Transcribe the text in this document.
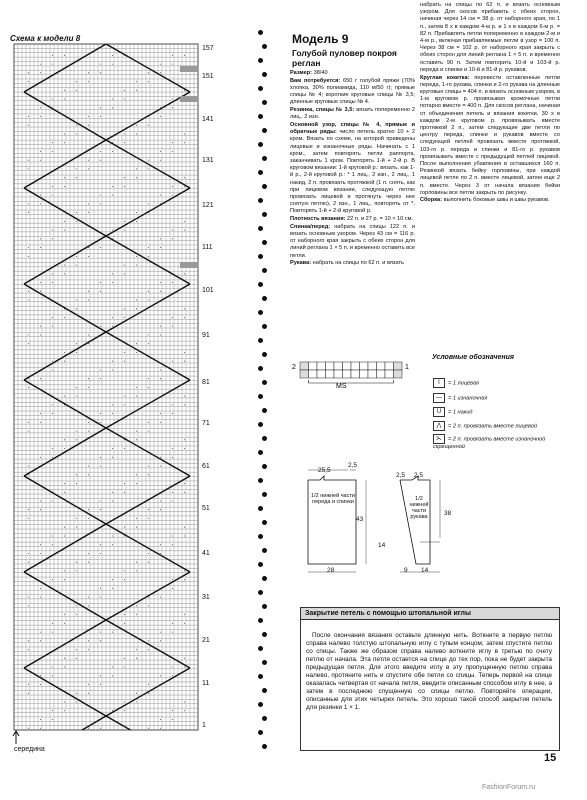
Схема к модели 8
157
151
141
131
121
111
101
91
81
71
61
51
41
31
21
11
1
середина
Модель 9
Голубой пуловер покроя реглан

Размер: 38/40

Вам потребуется: 650 г голубой пряжи (70% хлопка, 30% полиамида, 110 м/50 г); прямые спицы № 4; короткие круговые спицы № 3,5; длинные круговые спицы № 4.

Резинка, спицы № 3,5: вязать попеременно 2 лиц., 2 изн.

Основной узор, спицы № 4, прямые и обратные ряды: число петель кратно 10 + 2 кром. Вязать по схеме, на которой приведены лицевые и изнаночные ряды. Начинать с 1 кром., затем повторять петли раппорта, заканчивать 1 кром. Повторять 1-й + 2-й р. В круговом вязании: 1-й круговой р.: вязать, как 1-й р., 2-й круговой р.: * 1 лиц., 2 изн., 2 лиц., 1 накид, 2 п. провязать протяжкой (1 п. снять, как при лицевом вязании, следующую петлю провязать лицевой и протянуть через нее снятую петлю), 2 изн., 1 лиц., повторять от *. Повторять 1-й + 2-й круговой р.

Плотность вязания: 22 п. и 27 р. = 10 × 10 см.

Спинка/перед: набрать на спицы 122 п. и вязать основным узором. Через 43 см = 116 р. от наборного края закрыть с обеих сторон для линий реглана 1 × 5 п. и временно оставить все петли.

Рукава: набрать на спицы по 62 п. и вязать

набрать на спицы по 62 п. и вязать основным узором. Для скосов прибавить с обеих сторон, начиная через 14 см = 38 р. от наборного края, по 1 п., затем 8 х в каждом 4-м р. и 1 х в каждом 6-м р. = 82 п. Прибавлять петли попеременно в каждом 2-м и 4-м р., включая прибавляемые петли в узор = 100 п. Через 38 см = 102 р. от наборного края закрыть с обеих сторон для линий реглана 1 × 5 п. и временно оставить 90 п. Затем повторить 10-й и 103-й р. переда и спинки и 10-й и 81-й р. рукавов.

Круглая кокетка: перевести оставленные петли переда, 1-го рукава, спинки и 2-го рукава на длинные круговые спицы = 404 п. и вязать основным узором, в 1-м круговом р. провязывая кромочные петли потарно вместе = 400 п. Для скосов реглана, начиная от объединения петель и вязания кокетки, 30 х в каждом 2-м круговом р. провязывать вместе протяжкой 2 п., затем следующие две петли по центру переда, спинки и рукавов вместе со следующей петлей провязать вместе протяжкой, 103-го р. переда и спинки и 81-го р. рукавов провязывать вместе с предыдущей петлей лицевой. После выполнения убавления в оставшихся 160 п. Резинкой вязать бейку горловины, при каждой лицевой петле по 2 п. вместе лицевой, затем еще 2 п. вместе. Через 3 от начала вязания бейки горловины все петли закрыть по рисунку.

Сборка: выполнить боковые швы и швы рукавов.

2	1
MS
Условные обозначения
I = 1 лицевая
— = 1 изнаночная
U = 1 накид
⋀ = 2 п. провязать вместе лицевой
⋋ = 2 п. провязать вместе изнаночной скрещенной
25,5
2,5
1/2 нижней части переда и спинки
43
28
2,5 2,5
1/2 нижней части рукава	38
14
9 14
Закрытие петель с помощью штопальной иглы
После окончания вязания оставьте длинную нить. Воткните в первую петлю справа налево толстую штопальную иглу с тупым концом, затем спустите петлю со спицы. Также же образом справа налево воткните иглу в третью по счету петлю от начала. Эта петля остается на спице до тех пор, пока не будет закрыта предыдущая петля. Для этого введите иглу в эту пропущенную петлю справа налево, протяните нить и спустите обе петли со спицы. Теперь первой на спице оказалась четвертая от начала петля, введите описанным способом иглу в нее, а затем в последнюю спущенную со спицы петлю. Повторяйте операции, описанные для этих четырех петель. Это хорошо такой способ закрытия петель для резинки 1 × 1.
15
FashionForum.ru
